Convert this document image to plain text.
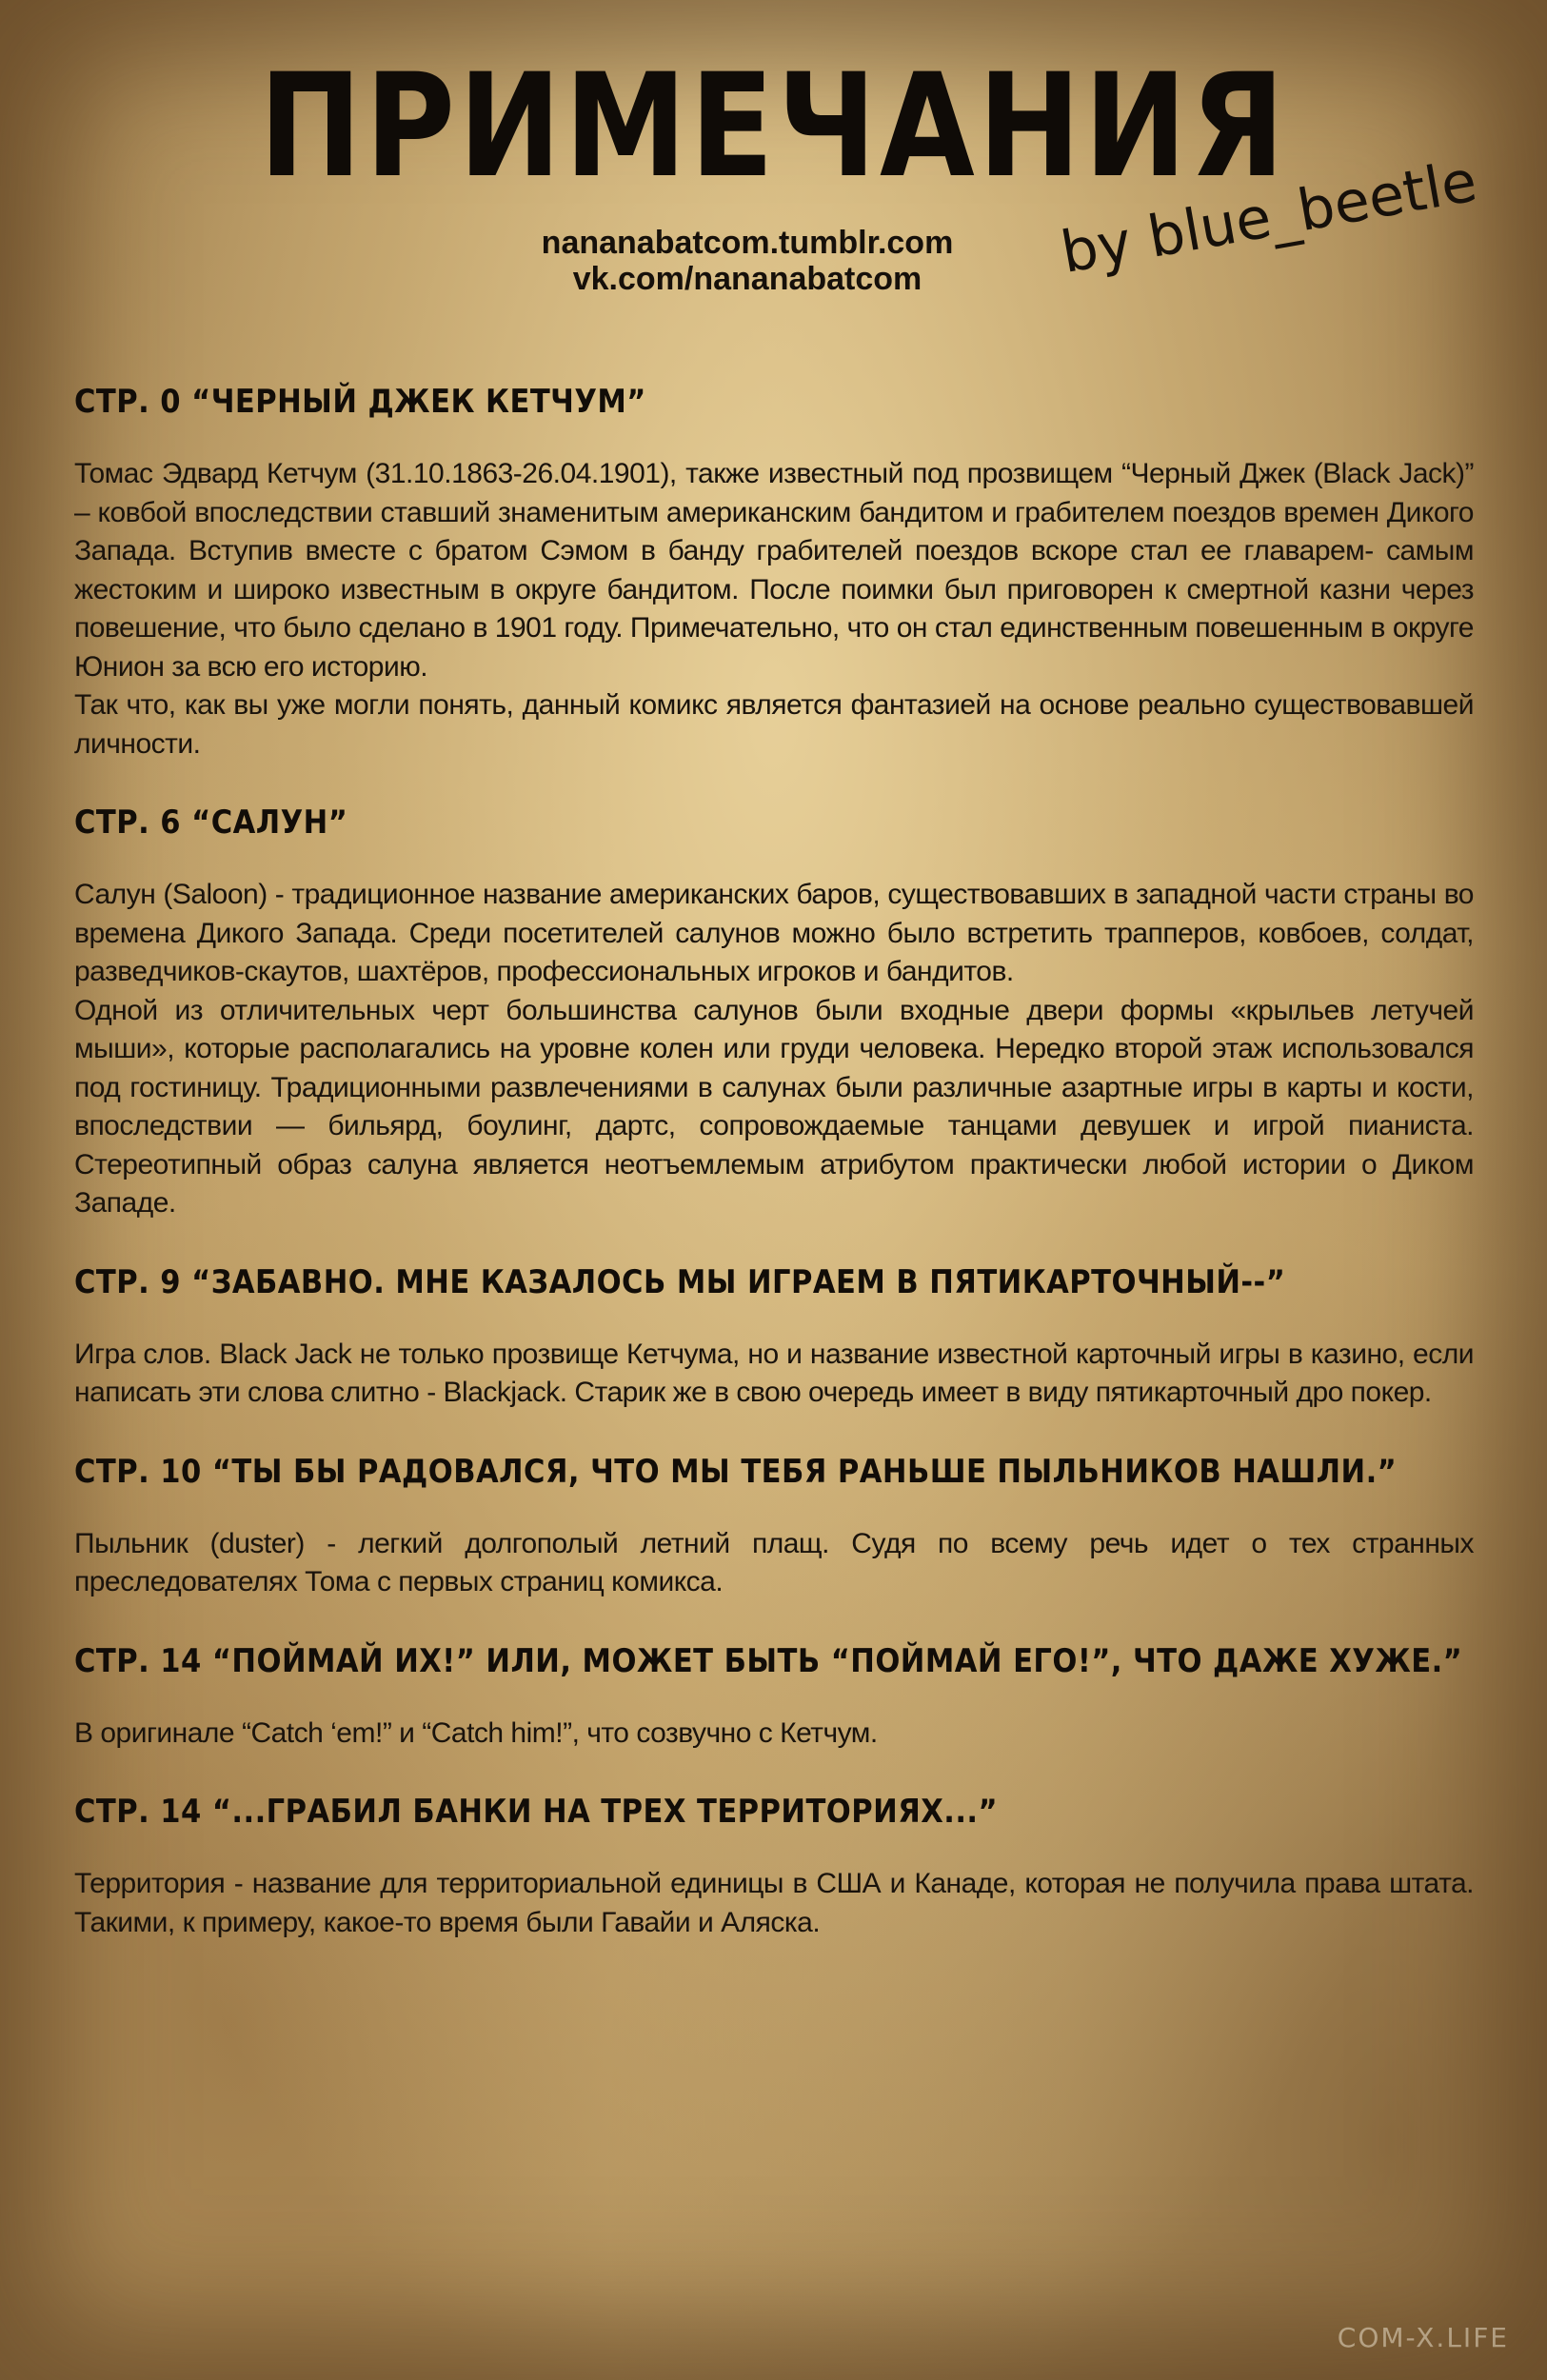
ПРИМЕЧАНИЯ
nananabatcom.tumblr.com
vk.com/nananabatcom	by blue_beetle
СТР. 0 “ЧЕРНЫЙ ДЖЕК КЕТЧУМ”

Томас Эдвард Кетчум (31.10.1863-26.04.1901), также известный под прозвищем “Черный Джек (Black Jack)” – ковбой впоследствии ставший знаменитым американским бандитом и грабителем поездов времен Дикого Запада. Вступив вместе с братом Сэмом в банду грабителей поездов вскоре стал ее главарем- самым жестоким и широко известным в округе бандитом. После поимки был приговорен к смертной казни через повешение, что было сделано в 1901 году. Примечательно, что он стал единственным повешенным в округе Юнион за всю его историю.

Так что, как вы уже могли понять, данный комикс является фантазией на основе реально существовавшей личности.

СТР. 6 “САЛУН”

Салун (Saloon) - традиционное название американских баров, существовавших в западной части страны во времена Дикого Запада. Среди посетителей салунов можно было встретить трапперов, ковбоев, солдат, разведчиков-скаутов, шахтёров, профессиональных игроков и бандитов.

Одной из отличительных черт большинства салунов были входные двери формы «крыльев летучей мыши», которые располагались на уровне колен или груди человека. Нередко второй этаж использовался под гостиницу. Традиционными развлечениями в салунах были различные азартные игры в карты и кости, впоследствии — бильярд, боулинг, дартс, сопровождаемые танцами девушек и игрой пианиста. Стереотипный образ салуна является неотъемлемым атрибутом практически любой истории о Диком Западе.

СТР. 9 “ЗАБАВНО. МНЕ КАЗАЛОСЬ МЫ ИГРАЕМ В ПЯТИКАРТОЧНЫЙ--”

Игра слов. Black Jack не только прозвище Кетчума, но и название известной карточный игры в казино, если написать эти слова слитно - Blackjack. Старик же в свою очередь имеет в виду пятикарточный дро покер.

СТР. 10 “ТЫ БЫ РАДОВАЛСЯ, ЧТО МЫ ТЕБЯ РАНЬШЕ ПЫЛЬНИКОВ НАШЛИ.”

Пыльник (duster) - легкий долгополый летний плащ. Судя по всему речь идет о тех странных преследователях Тома с первых страниц комикса.

СТР. 14 “ПОЙМАЙ ИХ!” ИЛИ, МОЖЕТ БЫТЬ “ПОЙМАЙ ЕГО!”, ЧТО ДАЖЕ ХУЖЕ.”

В оригинале “Catch ‘em!” и “Catch him!”, что созвучно с Кетчум.

СТР. 14 “...ГРАБИЛ БАНКИ НА ТРЕХ ТЕРРИТОРИЯХ...”

Территория - название для территориальной единицы в США и Канаде, которая не получила права штата. Такими, к примеру, какое-то время были Гавайи и Аляска.

COM-X.LIFE
